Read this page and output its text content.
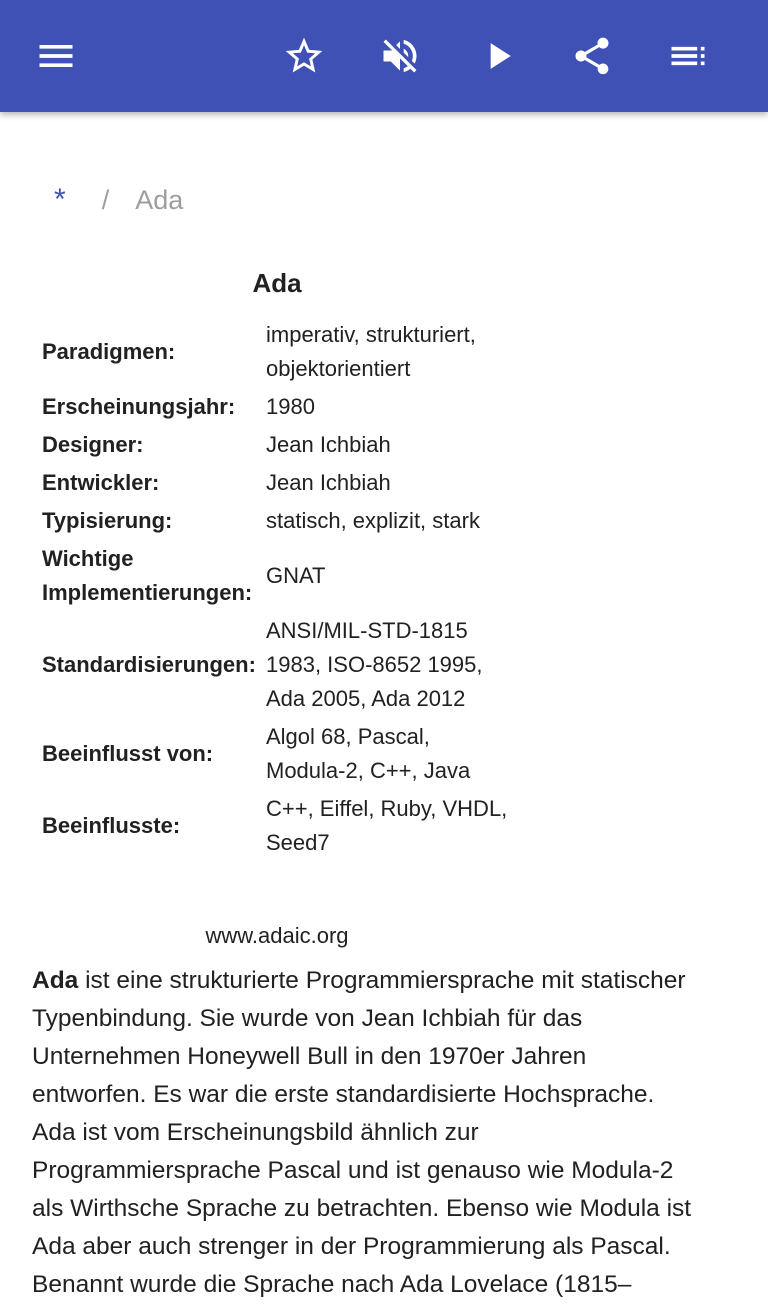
* / Ada
Ada
Paradigmen:	imperativ, strukturiert,
objektorientiert
Erscheinungsjahr:	1980
Designer:	Jean Ichbiah
Entwickler:	Jean Ichbiah
Typisierung:	statisch, explizit, stark
Wichtige
Implementierungen:	GNAT
Standardisierungen:	ANSI/MIL-STD-1815
1983, ISO-8652 1995,
Ada 2005, Ada 2012
Beeinflusst von:	Algol 68, Pascal,
Modula-2, C++, Java
Beeinflusste:	C++, Eiffel, Ruby, VHDL,
Seed7
www.adaic.org
Ada ist eine strukturierte Programmiersprache mit statischer
Typenbindung. Sie wurde von Jean Ichbiah für das
Unternehmen Honeywell Bull in den 1970er Jahren
entworfen. Es war die erste standardisierte Hochsprache.
Ada ist vom Erscheinungsbild ähnlich zur
Programmiersprache Pascal und ist genauso wie Modula-2
als Wirthsche Sprache zu betrachten. Ebenso wie Modula ist
Ada aber auch strenger in der Programmierung als Pascal.
Benannt wurde die Sprache nach Ada Lovelace (1815–
